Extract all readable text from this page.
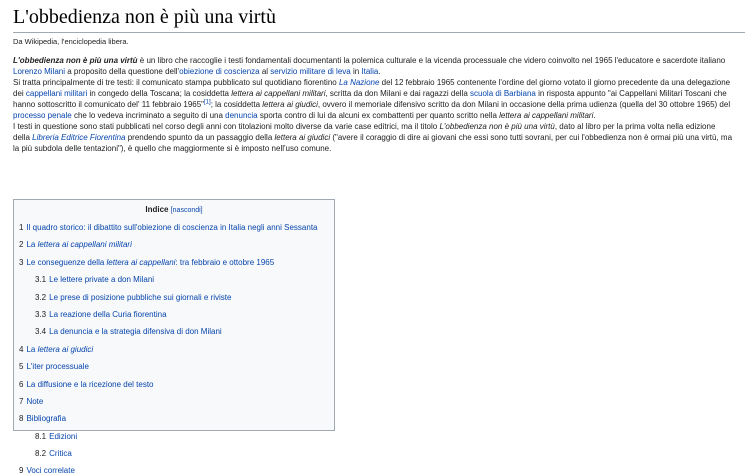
L'obbedienza non è più una virtù
Da Wikipedia, l'enciclopedia libera.

L'obbedienza non è più una virtù è un libro che raccoglie i testi fondamentali documentanti la polemica culturale e la vicenda processuale che videro coinvolto nel 1965 l'educatore e sacerdote italiano Lorenzo Milani a proposito della questione dell'obiezione di coscienza al servizio militare di leva in Italia.

Si tratta principalmente di tre testi: il comunicato stampa pubblicato sul quotidiano fiorentino La Nazione del 12 febbraio 1965 contenente l'ordine del giorno votato il giorno precedente da una delegazione dei cappellani militari in congedo della Toscana; la cosiddetta lettera ai cappellani militari, scritta da don Milani e dai ragazzi della scuola di Barbiana in risposta appunto "ai Cappellani Militari Toscani che hanno sottoscritto il comunicato del' 11 febbraio 1965"[1]; la cosiddetta lettera ai giudici, ovvero il memoriale difensivo scritto da don Milani in occasione della prima udienza (quella del 30 ottobre 1965) del processo penale che lo vedeva incriminato a seguito di una denuncia sporta contro di lui da alcuni ex combattenti per quanto scritto nella lettera ai cappellani militari.

I testi in questione sono stati pubblicati nel corso degli anni con titolazioni molto diverse da varie case editrici, ma il titolo L'obbedienza non è più una virtù, dato al libro per la prima volta nella edizione della Libreria Editrice Fiorentina prendendo spunto da un passaggio della lettera ai giudici ("avere il coraggio di dire ai giovani che essi sono tutti sovrani, per cui l'obbedienza non è ormai più una virtù, ma la più subdola delle tentazioni"), è quello che maggiormente si è imposto nell'uso comune.

Indice [nascondi]
1 Il quadro storico: il dibattito sull'obiezione di coscienza in Italia negli anni Sessanta
2 La lettera ai cappellani militari
3 Le conseguenze della lettera ai cappellani: tra febbraio e ottobre 1965
3.1 Le lettere private a don Milani
3.2 Le prese di posizione pubbliche sui giornali e riviste
3.3 La reazione della Curia fiorentina
3.4 La denuncia e la strategia difensiva di don Milani
4 La lettera ai giudici
5 L'iter processuale
6 La diffusione e la ricezione del testo
7 Note
8 Bibliografia
8.1 Edizioni
8.2 Critica
9 Voci correlate
